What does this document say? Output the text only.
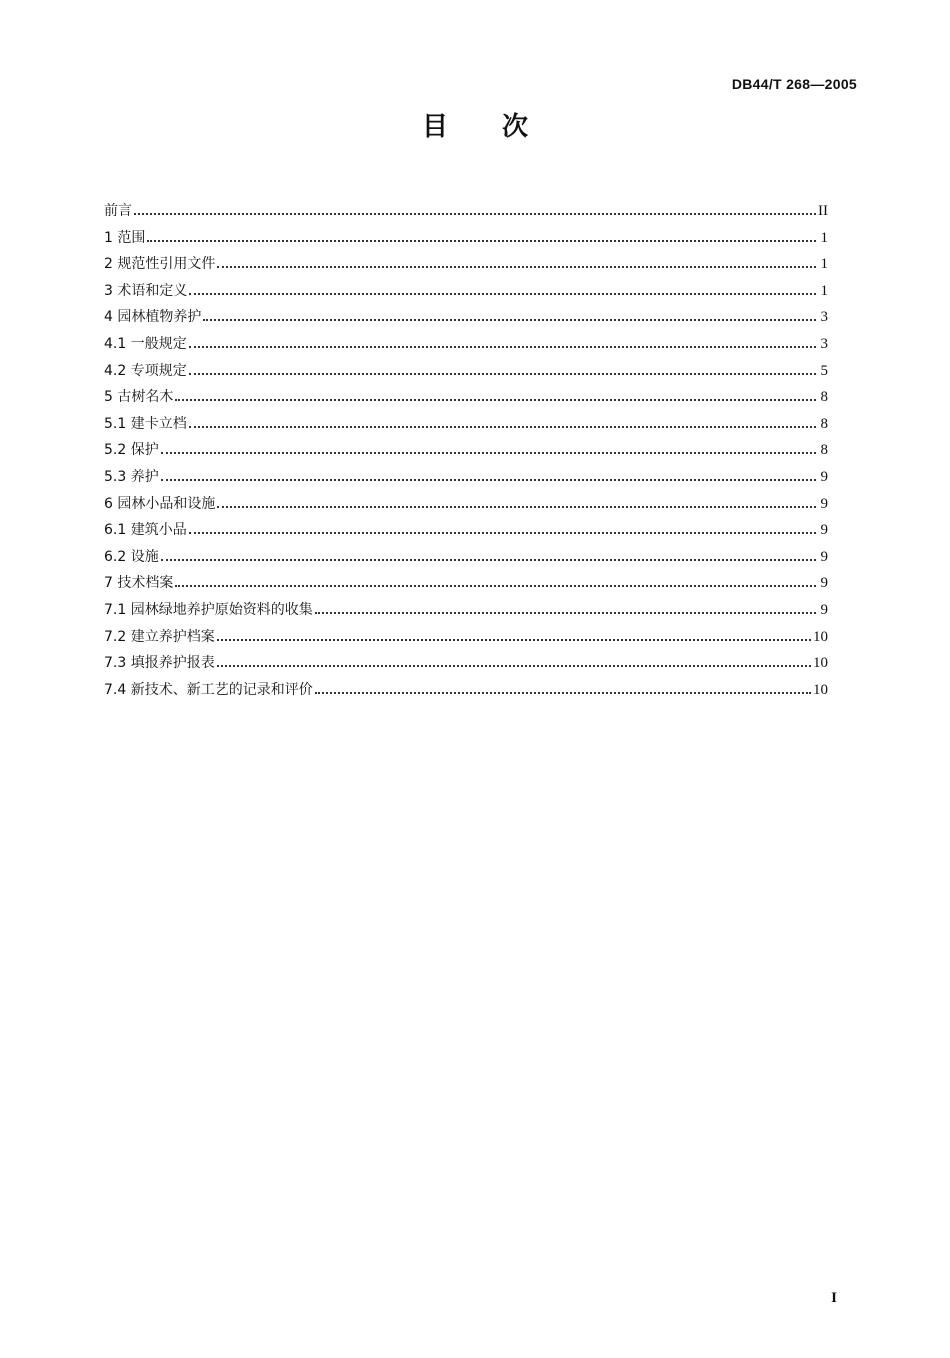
DB44/T 268—2005
目次
前言	II
1 范围	1
2 规范性引用文件	1
3 术语和定义	1
4 园林植物养护	3
4.1 一般规定	3
4.2 专项规定	5
5 古树名木	8
5.1 建卡立档	8
5.2 保护	8
5.3 养护	9
6 园林小品和设施	9
6.1 建筑小品	9
6.2 设施	9
7 技术档案	9
7.1 园林绿地养护原始资料的收集	9
7.2 建立养护档案	10
7.3 填报养护报表	10
7.4 新技术、新工艺的记录和评价	10
I
